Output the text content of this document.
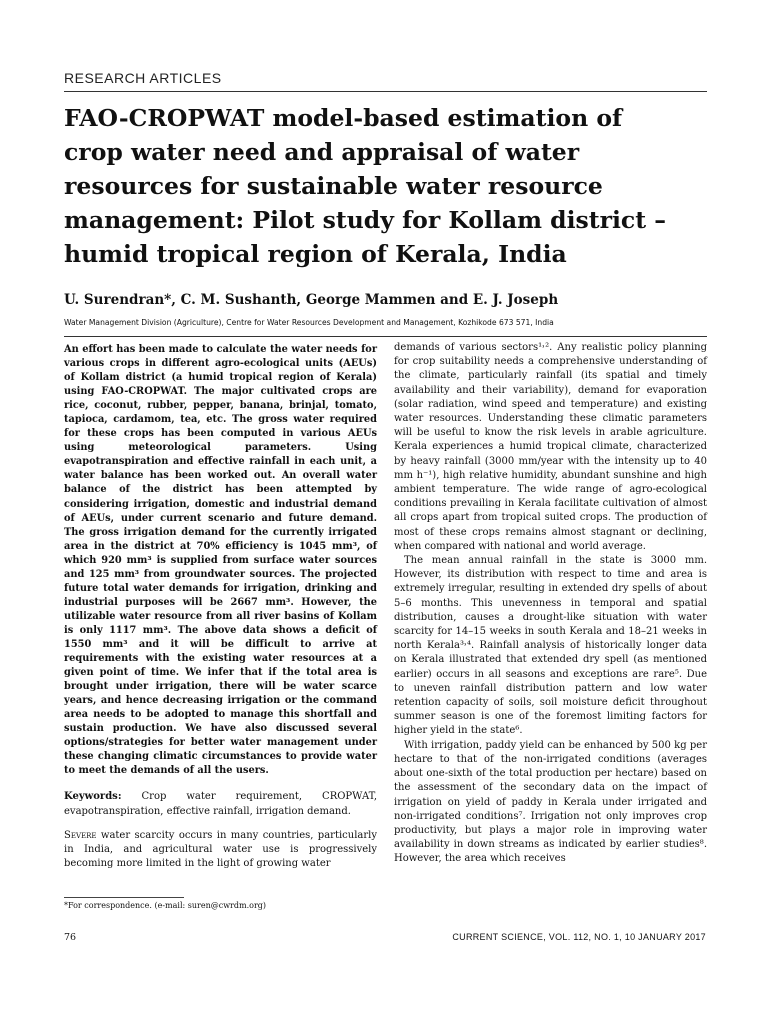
RESEARCH ARTICLES
FAO-CROPWAT model-based estimation of
crop water need and appraisal of water
resources for sustainable water resource
management: Pilot study for Kollam district –
humid tropical region of Kerala, India
U. Surendran*, C. M. Sushanth, George Mammen and E. J. Joseph
Water Management Division (Agriculture), Centre for Water Resources Development and Management, Kozhikode 673 571, India

An effort has been made to calculate the water needs for various crops in different agro-ecological units (AEUs) of Kollam district (a humid tropical region of Kerala) using FAO-CROPWAT. The major cultivated crops are rice, coconut, rubber, pepper, banana, brinjal, tomato, tapioca, cardamom, tea, etc. The gross water required for these crops has been computed in various AEUs using meteorological parameters. Using evapotranspiration and effective rainfall in each unit, a water balance has been worked out. An overall water balance of the district has been attempted by considering irrigation, domestic and industrial demand of AEUs, under current scenario and future demand. The gross irrigation demand for the currently irrigated area in the district at 70% efficiency is 1045 mm³, of which 920 mm³ is supplied from surface water sources and 125 mm³ from groundwater sources. The projected future total water demands for irrigation, drinking and industrial purposes will be 2667 mm³. However, the utilizable water resource from all river basins of Kollam is only 1117 mm³. The above data shows a deficit of 1550 mm³ and it will be difficult to arrive at requirements with the existing water resources at a given point of time. We infer that if the total area is brought under irrigation, there will be water scarce years, and hence decreasing irrigation or the command area needs to be adopted to manage this shortfall and sustain production. We have also discussed several options/strategies for better water management under these changing climatic circumstances to provide water to meet the demands of all the users.

Keywords: Crop water requirement, CROPWAT, evapotranspiration, effective rainfall, irrigation demand.

Severe water scarcity occurs in many countries, particularly in India, and agricultural water use is progressively becoming more limited in the light of growing water

demands of various sectors¹˒². Any realistic policy planning for crop suitability needs a comprehensive understanding of the climate, particularly rainfall (its spatial and timely availability and their variability), demand for evaporation (solar radiation, wind speed and temperature) and existing water resources. Understanding these climatic parameters will be useful to know the risk levels in arable agriculture. Kerala experiences a humid tropical climate, characterized by heavy rainfall (3000 mm/year with the intensity up to 40 mm h⁻¹), high relative humidity, abundant sunshine and high ambient temperature. The wide range of agro-ecological conditions prevailing in Kerala facilitate cultivation of almost all crops apart from tropical suited crops. The production of most of these crops remains almost stagnant or declining, when compared with national and world average.

The mean annual rainfall in the state is 3000 mm. However, its distribution with respect to time and area is extremely irregular, resulting in extended dry spells of about 5–6 months. This unevenness in temporal and spatial distribution, causes a drought-like situation with water scarcity for 14–15 weeks in south Kerala and 18–21 weeks in north Kerala³˒⁴. Rainfall analysis of historically longer data on Kerala illustrated that extended dry spell (as mentioned earlier) occurs in all seasons and exceptions are rare⁵. Due to uneven rainfall distribution pattern and low water retention capacity of soils, soil moisture deficit throughout summer season is one of the foremost limiting factors for higher yield in the state⁶.

With irrigation, paddy yield can be enhanced by 500 kg per hectare to that of the non-irrigated conditions (averages about one-sixth of the total production per hectare) based on the assessment of the secondary data on the impact of irrigation on yield of paddy in Kerala under irrigated and non-irrigated conditions⁷. Irrigation not only improves crop productivity, but plays a major role in improving water availability in down streams as indicated by earlier studies⁸. However, the area which receives

*For correspondence. (e-mail: suren@cwrdm.org)
76	CURRENT SCIENCE, VOL. 112, NO. 1, 10 JANUARY 2017
